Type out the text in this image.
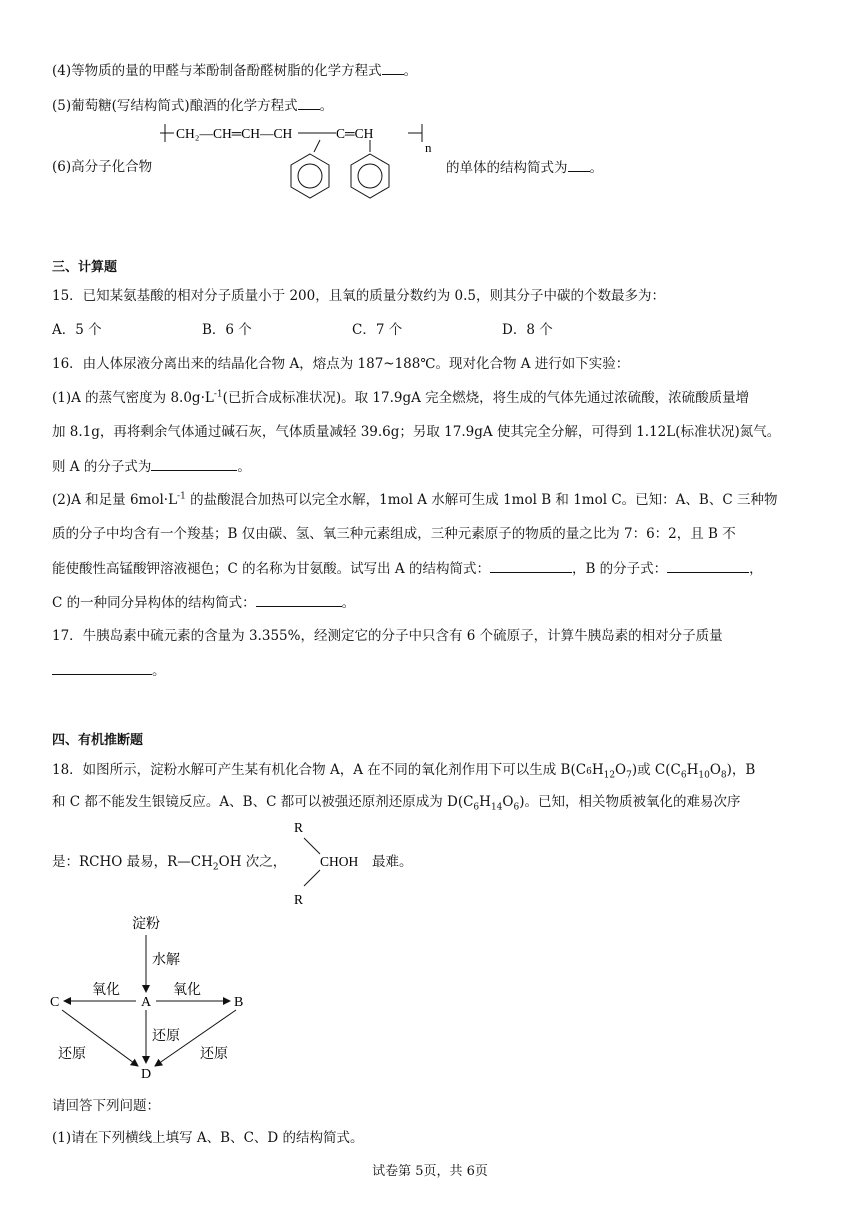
(4)等物质的量的甲醛与苯酚制备酚醛树脂的化学方程式 。
(5)葡萄糖(写结构简式)酿酒的化学方程式 。
(6)高分子化合物
CH₂—CH═CH—CH	C═CH
n
的单体的结构简式为 。
三、计算题
15．已知某氨基酸的相对分子质量小于 200，且氧的质量分数约为 0.5，则其分子中碳的个数最多为：
A．5 个	B．6 个	C．7 个	D．8 个
16．由人体尿液分离出来的结晶化合物 A，熔点为 187~188℃。现对化合物 A 进行如下实验：
(1)A 的蒸气密度为 $8.0g\cdot L^{-1}$(已折合成标准状况)。取 17.9gA 完全燃烧，将生成的气体先通过浓硫酸，浓硫酸质量增
加 8.1g，再将剩余气体通过碱石灰，气体质量减轻 39.6g；另取 17.9gA 使其完全分解，可得到 1.12L(标准状况)氮气。
则 A 的分子式为	。
(2)A 和足量 $6mol\cdot L^{-1}$ 的盐酸混合加热可以完全水解，1mol A 水解可生成 1mol B 和 1mol C。已知：A、B、C 三种物
质的分子中均含有一个羧基；B 仅由碳、氢、氧三种元素组成，三种元素原子的物质的量之比为 7：6：2，且 B 不
能使酸性高锰酸钾溶液褪色；C 的名称为甘氨酸。试写出 A 的结构简式：	，B 的分子式：	，
C 的一种同分异构体的结构简式：	。
17．牛胰岛素中硫元素的含量为 3.355%，经测定它的分子中只含有 6 个硫原子，计算牛胰岛素的相对分子质量
。
四、有机推断题
18．如图所示，淀粉水解可产生某有机化合物 A，A 在不同的氧化剂作用下可以生成 $B(C6H_{12}O_7)$或 $C(C_6H_{10}O_8)$，B
和 C 都不能发生银镜反应。A、B、C 都可以被强还原剂还原成为 $D(C_6H_{14}O_6)$。已知，相关物质被氧化的难易次序
是：RCHO 最易，$R—CH_2OH$ 次之，
R
CHOH
R
最难。
淀粉
水解
A
C	B
D
氧化	氧化
还原
还原	还原
请回答下列问题：
(1)请在下列横线上填写 A、B、C、D 的结构简式。
试卷第 5页，共 6页
